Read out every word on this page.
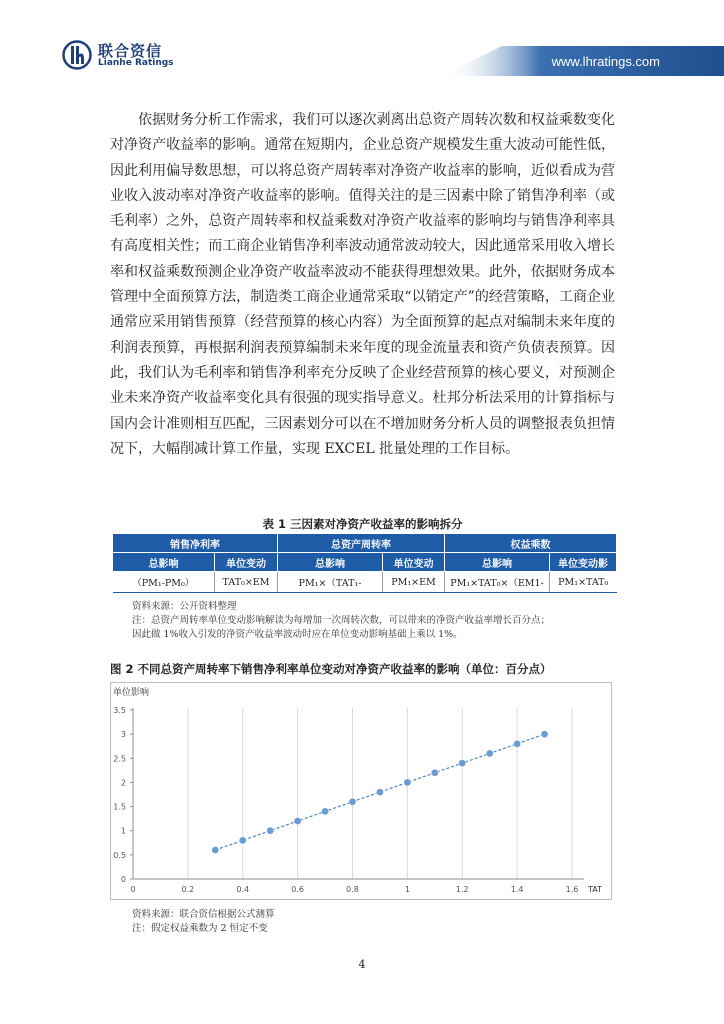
联合资信
Lianhe Ratings	www.lhratings.com

依据财务分析工作需求，我们可以逐次剥离出总资产周转次数和权益乘数变化对净资产收益率的影响。通常在短期内，企业总资产规模发生重大波动可能性低，因此利用偏导数思想，可以将总资产周转率对净资产收益率的影响，近似看成为营业收入波动率对净资产收益率的影响。值得关注的是三因素中除了销售净利率（或毛利率）之外，总资产周转率和权益乘数对净资产收益率的影响均与销售净利率具有高度相关性；而工商企业销售净利率波动通常波动较大，因此通常采用收入增长率和权益乘数预测企业净资产收益率波动不能获得理想效果。此外，依据财务成本管理中全面预算方法，制造类工商企业通常采取“以销定产”的经营策略，工商企业通常应采用销售预算（经营预算的核心内容）为全面预算的起点对编制未来年度的利润表预算，再根据利润表预算编制未来年度的现金流量表和资产负债表预算。因此，我们认为毛利率和销售净利率充分反映了企业经营预算的核心要义，对预测企业未来净资产收益率变化具有很强的现实指导意义。杜邦分析法采用的计算指标与国内会计准则相互匹配，三因素划分可以在不增加财务分析人员的调整报表负担情况下，大幅削减计算工作量，实现 EXCEL 批量处理的工作目标。

表 1 三因素对净资产收益率的影响拆分
销售净利率		总资产周转率		权益乘数	
总影响	单位变动	总影响	单位变动	总影响	单位变动影
（PM₁-PM₀）	TAT₀×EM	PM₁×（TAT₁-	PM₁×EM	PM₁×TAT₀×（EM1-	PM₁×TAT₀
资料来源：公开资料整理
注：总资产周转率单位变动影响解读为每增加一次周转次数，可以带来的净资产收益率增长百分点；
因此做 1%收入引发的净资产收益率波动时应在单位变动影响基础上乘以 1%。
图 2 不同总资产周转率下销售净利率单位变动对净资产收益率的影响（单位：百分点）
0	0.2	0.4	0.6	0.8	1	1.2	1.4	1.6
0
0.5
1
1.5
2
2.5
3
3.5
单位影响
TAT
资料来源：联合资信根据公式测算
注：假定权益乘数为 2 恒定不变
4
